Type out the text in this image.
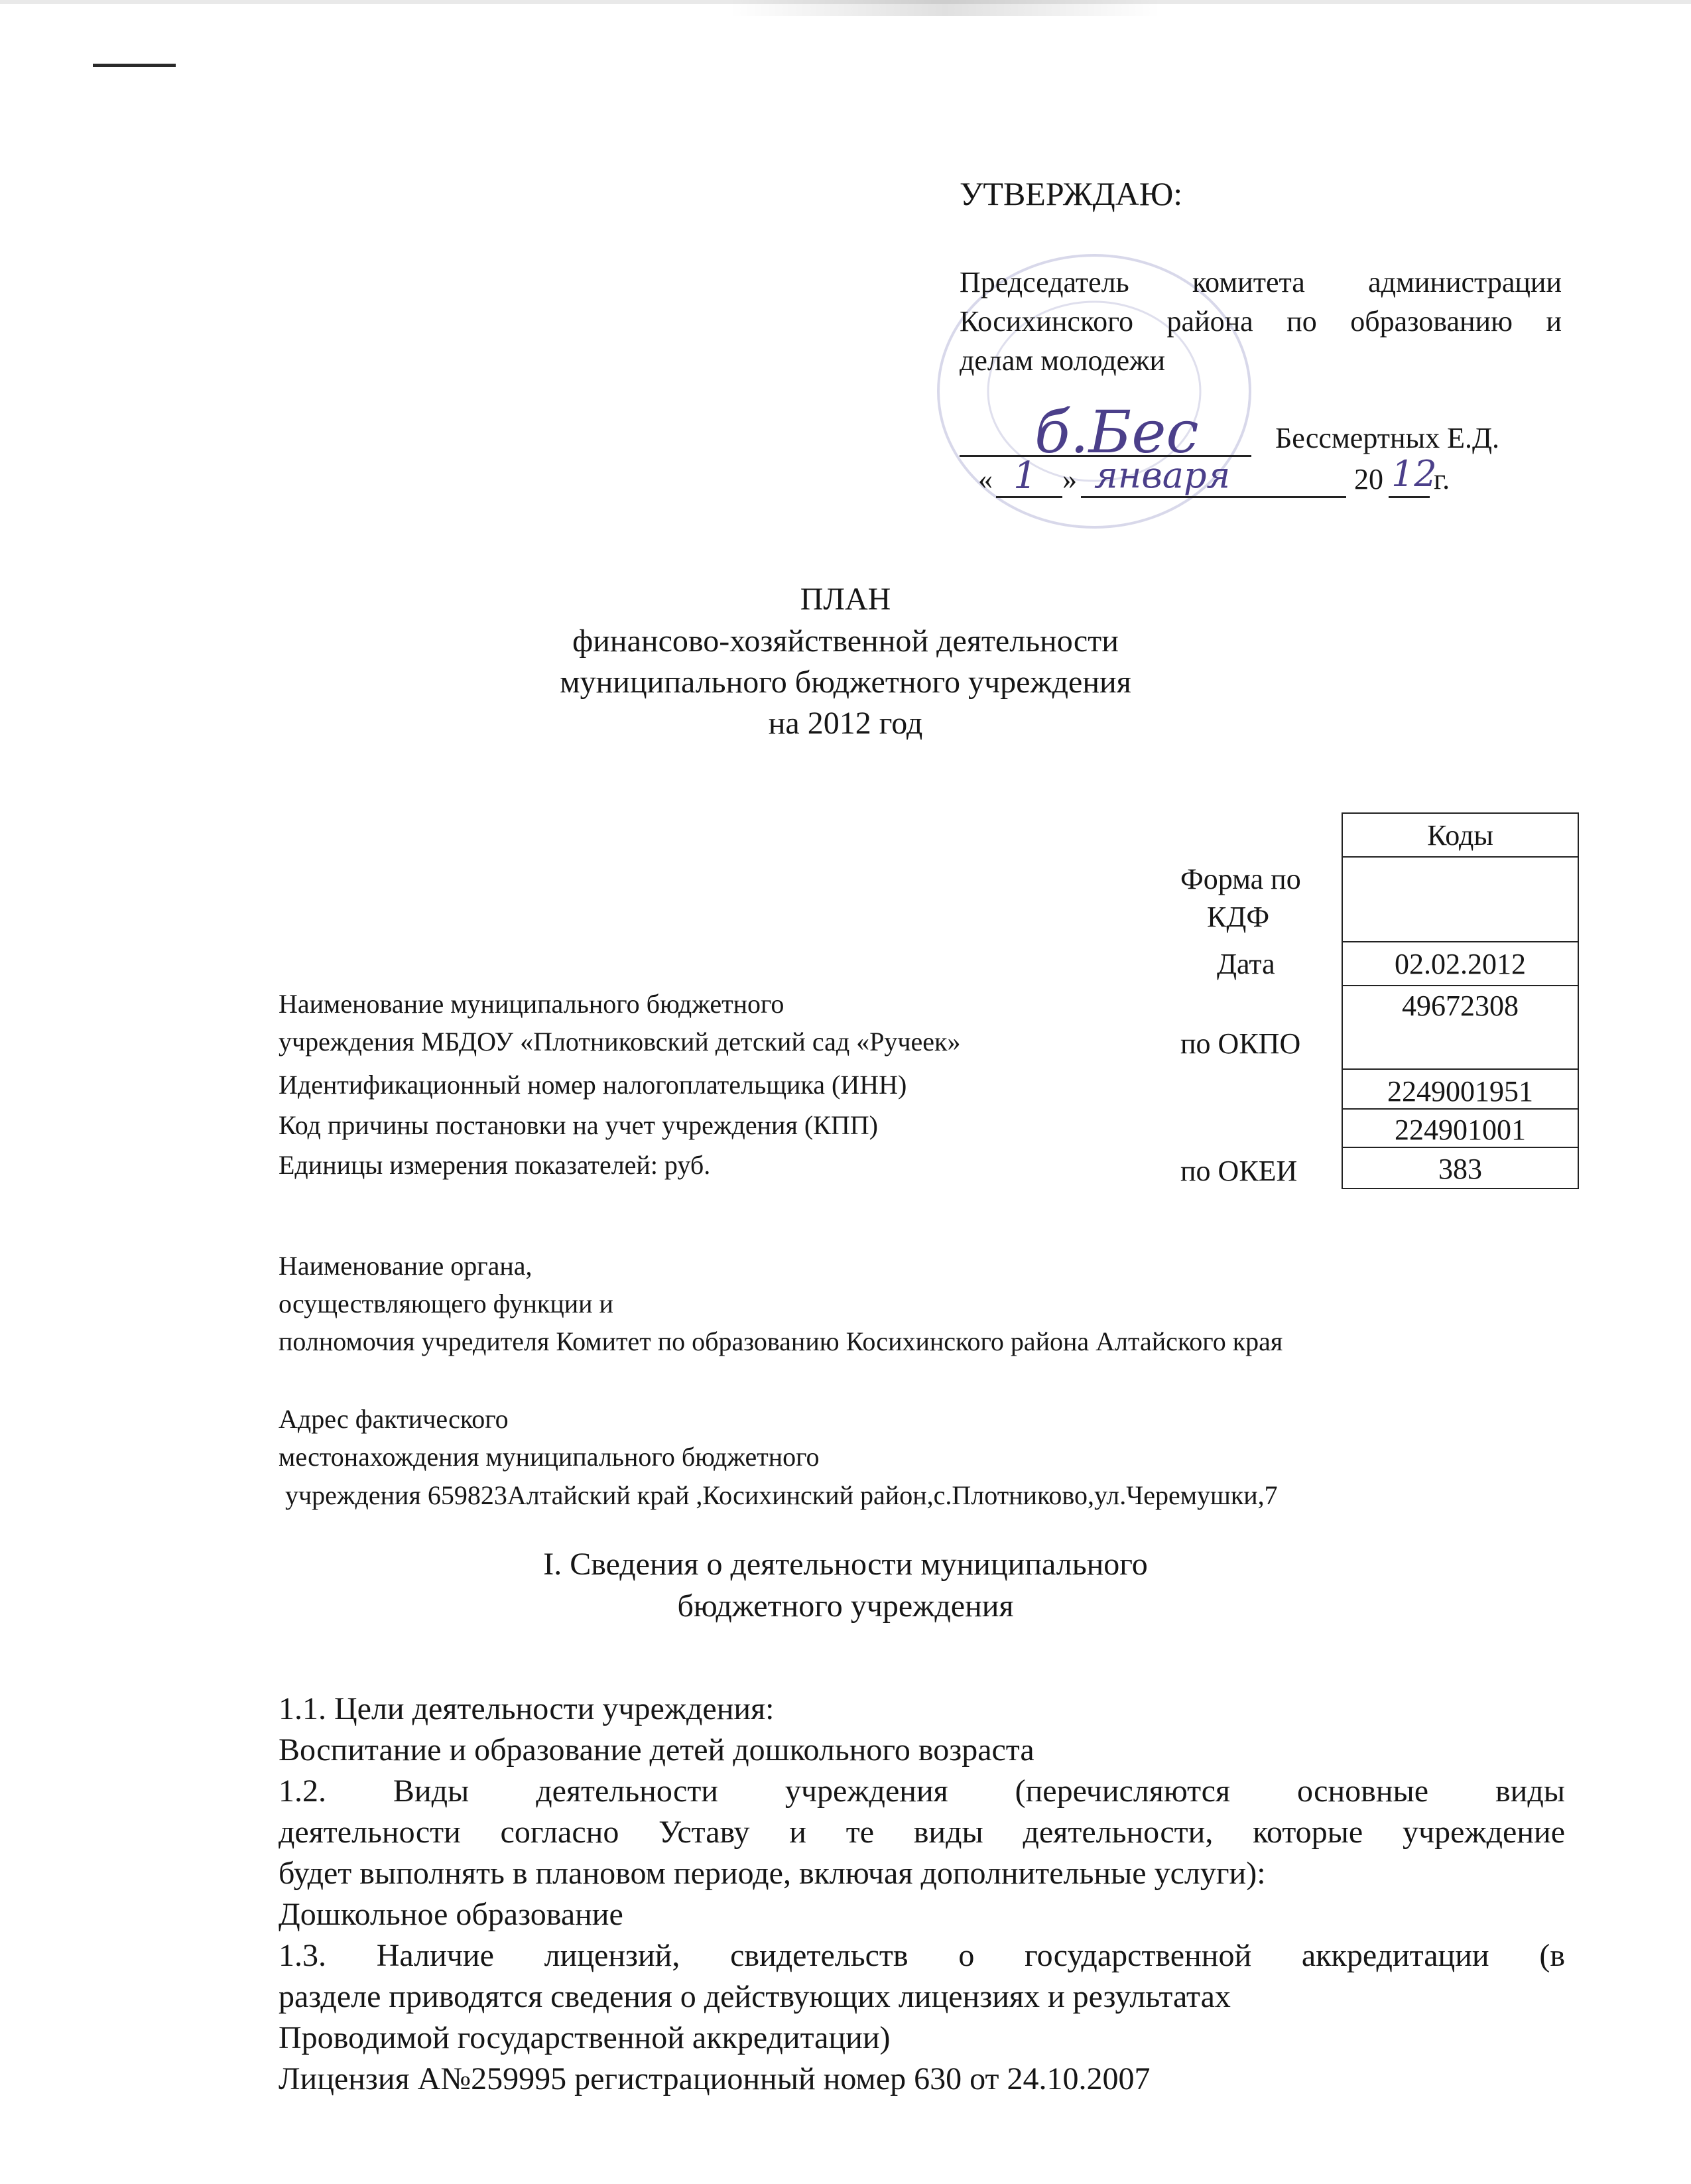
УТВЕРЖДАЮ:
Председатель комитета администрации
Косихинского района по образованию и
делам молодежи
б.Бес	Бессмертных Е.Д.
« 1 » января	20 12
г.
ПЛАН
финансово-хозяйственной деятельности
муниципального бюджетного учреждения
на 2012 год
Коды
02.02.2012
49672308
2249001951
224901001
383
Форма по
КДФ
Дата
по ОКПО
по ОКЕИ
Наименование муниципального бюджетного
учреждения МБДОУ «Плотниковский детский сад «Ручеек»
Идентификационный номер налогоплательщика (ИНН)
Код причины постановки на учет учреждения (КПП)
Единицы измерения показателей: руб.
Наименование органа,
осуществляющего функции и
полномочия учредителя Комитет по образованию Косихинского района Алтайского края
Адрес фактического
местонахождения муниципального бюджетного
учреждения 659823Алтайский край ,Косихинский район,с.Плотниково,ул.Черемушки,7
I. Сведения о деятельности муниципального
бюджетного учреждения
1.1. Цели деятельности учреждения:
Воспитание и образование детей дошкольного возраста
1.2. Виды деятельности учреждения (перечисляются основные виды
деятельности согласно Уставу и те виды деятельности, которые учреждение
будет выполнять в плановом периоде, включая дополнительные услуги):
Дошкольное образование
1.3. Наличие лицензий, свидетельств о государственной аккредитации (в
разделе приводятся сведения о действующих лицензиях и результатах
Проводимой государственной аккредитации)
Лицензия А№259995 регистрационный номер 630 от 24.10.2007
